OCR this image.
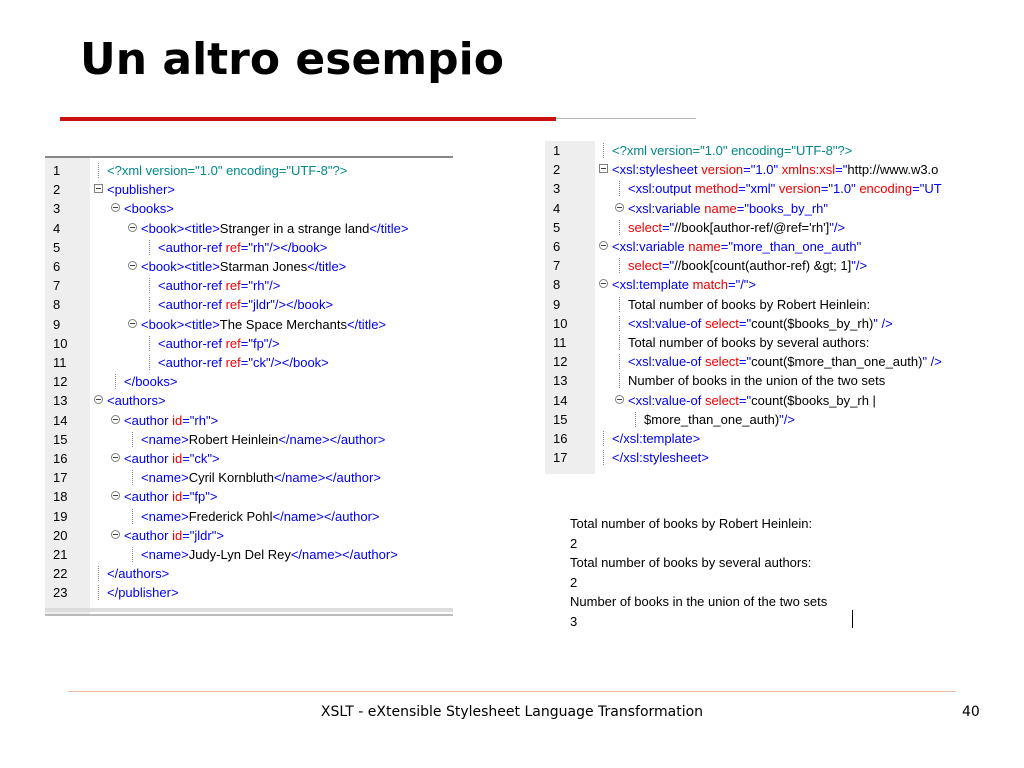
Un altro esempio
1	<?xml version="1.0" encoding="UTF-8"?>
2	<publisher>
3	<books>
4	<book><title>Stranger in a strange land</title>
5	<author-ref ref="rh"/></book>
6	<book><title>Starman Jones</title>
7	<author-ref ref="rh"/>
8	<author-ref ref="jldr"/></book>
9	<book><title>The Space Merchants</title>
10	<author-ref ref="fp"/>
11	<author-ref ref="ck"/></book>
12	</books>
13	<authors>
14	<author id="rh">
15	<name>Robert Heinlein</name></author>
16	<author id="ck">
17	<name>Cyril Kornbluth</name></author>
18	<author id="fp">
19	<name>Frederick Pohl</name></author>
20	<author id="jldr">
21	<name>Judy-Lyn Del Rey</name></author>
22	</authors>
23	</publisher>
1	<?xml version="1.0" encoding="UTF-8"?>
2	<xsl:stylesheet version="1.0" xmlns:xsl="http://www.w3.o
3	<xsl:output method="xml" version="1.0" encoding="UT
4	<xsl:variable name="books_by_rh"
5	select="//book[author-ref/@ref='rh']"/>
6	<xsl:variable name="more_than_one_auth"
7	select="//book[count(author-ref) &gt; 1]"/>
8	<xsl:template match="/">
9	Total number of books by Robert Heinlein:
10	<xsl:value-of select="count($books_by_rh)" />
11	Total number of books by several authors:
12	<xsl:value-of select="count($more_than_one_auth)" />
13	Number of books in the union of the two sets
14	<xsl:value-of select="count($books_by_rh |
15	$more_than_one_auth)"/>
16	</xsl:template>
17	</xsl:stylesheet>
Total number of books by Robert Heinlein:
2
Total number of books by several authors:
2
Number of books in the union of the two sets
3
XSLT - eXtensible Stylesheet Language Transformation	40
